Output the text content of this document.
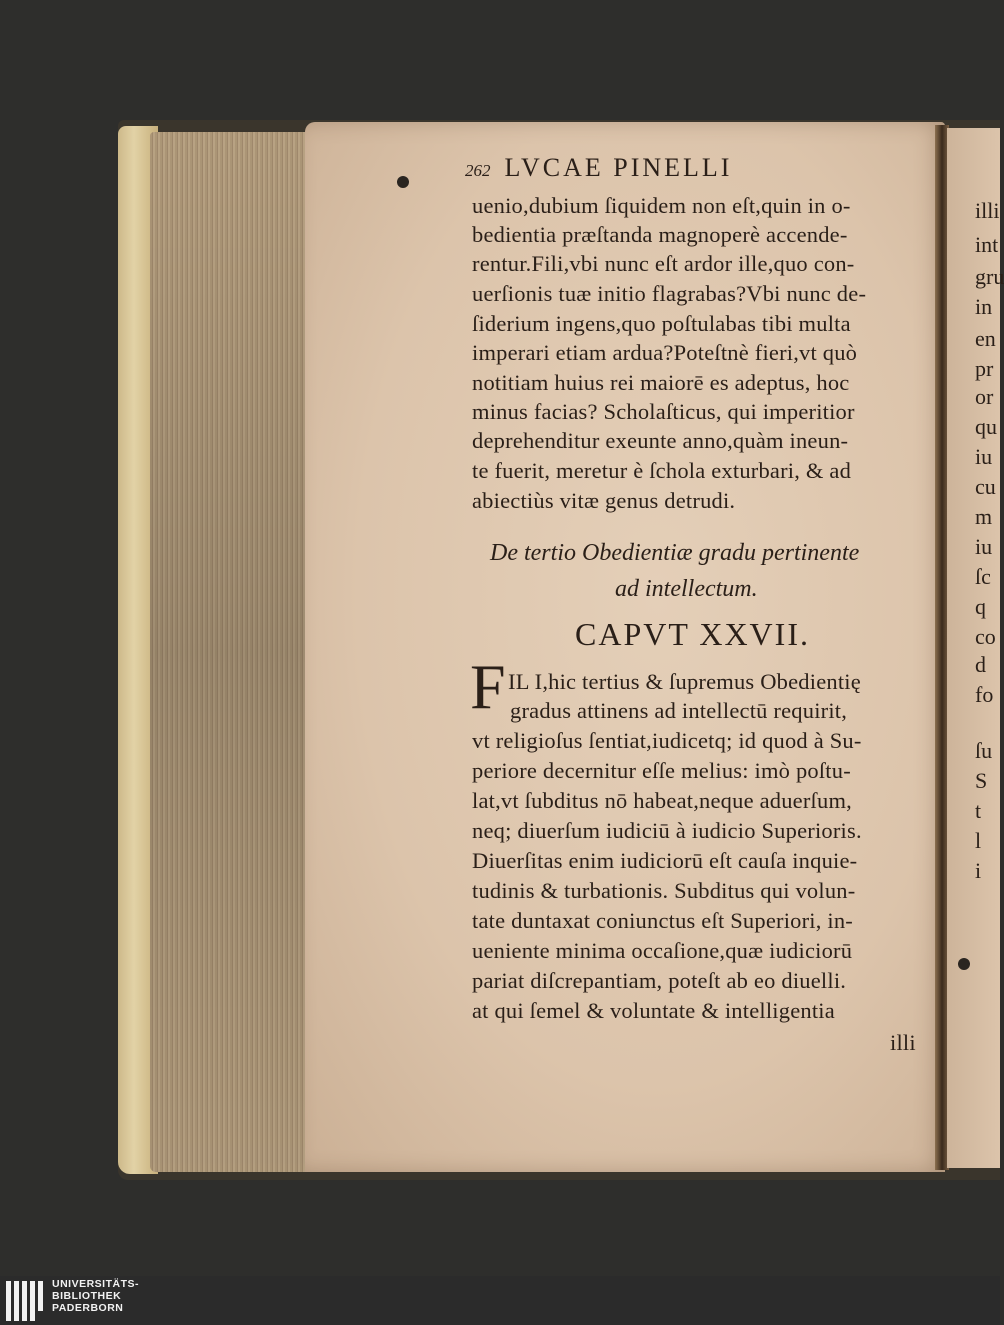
262 LVCAE PINELLI
uenio,dubium ſiquidem non eſt,quin in o-
bedientia præſtanda magnoperè accende-
rentur.Fili,vbi nunc eſt ardor ille,quo con-
uerſionis tuæ initio flagrabas?Vbi nunc de-
ſiderium ingens,quo poſtulabas tibi multa
imperari etiam ardua?Poteſtnè fieri,vt quò
notitiam huius rei maiorē es adeptus, hoc
minus facias? Scholaſticus, qui imperitior
deprehenditur exeunte anno,quàm ineun-
te fuerit, meretur è ſchola exturbari, & ad
abiectiùs vitæ genus detrudi.
De tertio Obedientiæ gradu pertinente
ad intellectum.
CAPVT XXVII.
F IL I,hic tertius & ſupremus Obedientię
gradus attinens ad intellectū requirit,
vt religioſus ſentiat,iudicetq; id quod à Su-
periore decernitur eſſe melius: imò poſtu-
lat,vt ſubditus nō habeat,neque aduerſum,
neq; diuerſum iudiciū à iudicio Superioris.
Diuerſitas enim iudiciorū eſt cauſa inquie-
tudinis & turbationis. Subditus qui volun-
tate duntaxat coniunctus eſt Superiori, in-
ueniente minima occaſione,quæ iudiciorū
pariat diſcrepantiam, poteſt ab eo diuelli.
at qui ſemel & voluntate & intelligentia
illi
illi
int
gru
in
en
pr
or
qu
iu
cu
m
iu
ſc
q
co
d
fo
ſu
S
t
l
i
UNIVERSITÄTS-
BIBLIOTHEK
PADERBORN
